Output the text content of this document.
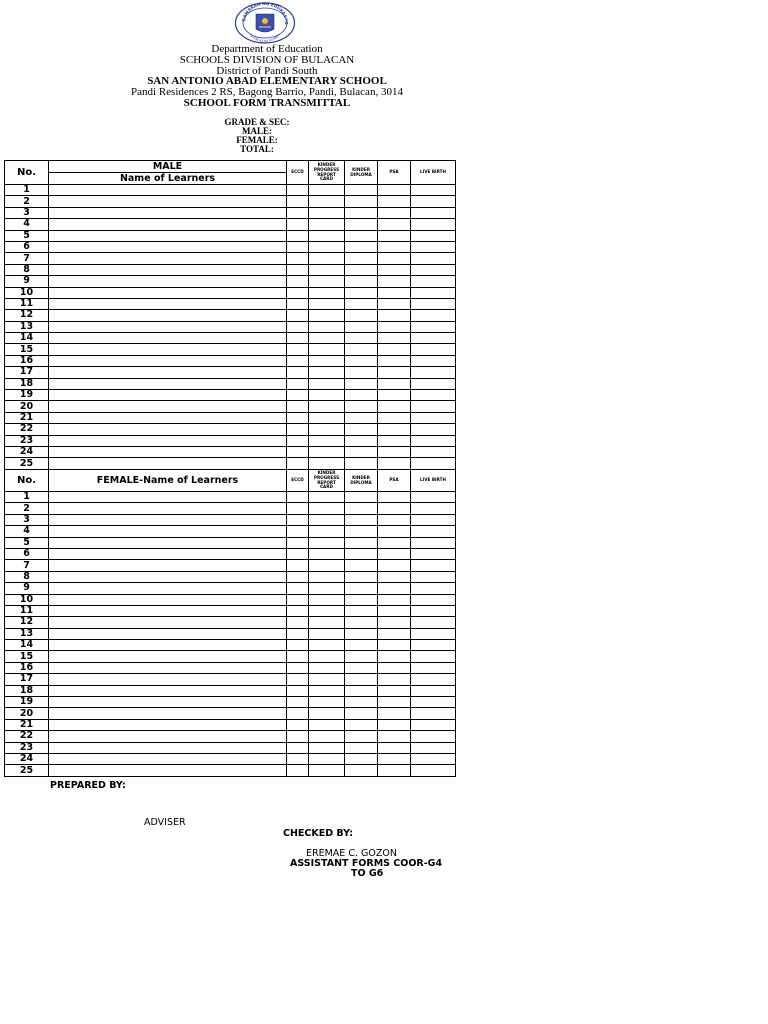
GAWARAN NG EDUKASYO
REPUBLIKA NG PILIPINAS
Department of Education
SCHOOLS DIVISION OF BULACAN
District of Pandi South
SAN ANTONIO ABAD ELEMENTARY SCHOOL
Pandi Residences 2 RS, Bagong Barrio, Pandi, Bulacan, 3014
SCHOOL FORM TRANSMITTAL
GRADE & SEC:
MALE:
FEMALE:
TOTAL:
No.	MALE
Name of Learners	ECCD	KINDER PROGRESS REPORT CARD	KINDER DIPLOMA	PSA	LIVE BIRTH
1						
2						
3						
4						
5						
6						
7						
8						
9						
10						
11						
12						
13						
14						
15						
16						
17						
18						
19						
20						
21						
22						
23						
24						
25						
No.	FEMALE-Name of Learners	ECCD	KINDER PROGRESS REPORT CARD	KINDER DIPLOMA	PSA	LIVE BIRTH
1						
2						
3						
4						
5						
6						
7						
8						
9						
10						
11						
12						
13						
14						
15						
16						
17						
18						
19						
20						
21						
22						
23						
24						
25						
PREPARED BY:
ADVISER
CHECKED BY:
EREMAE C. GOZON
ASSISTANT FORMS COOR-G4
TO G6
